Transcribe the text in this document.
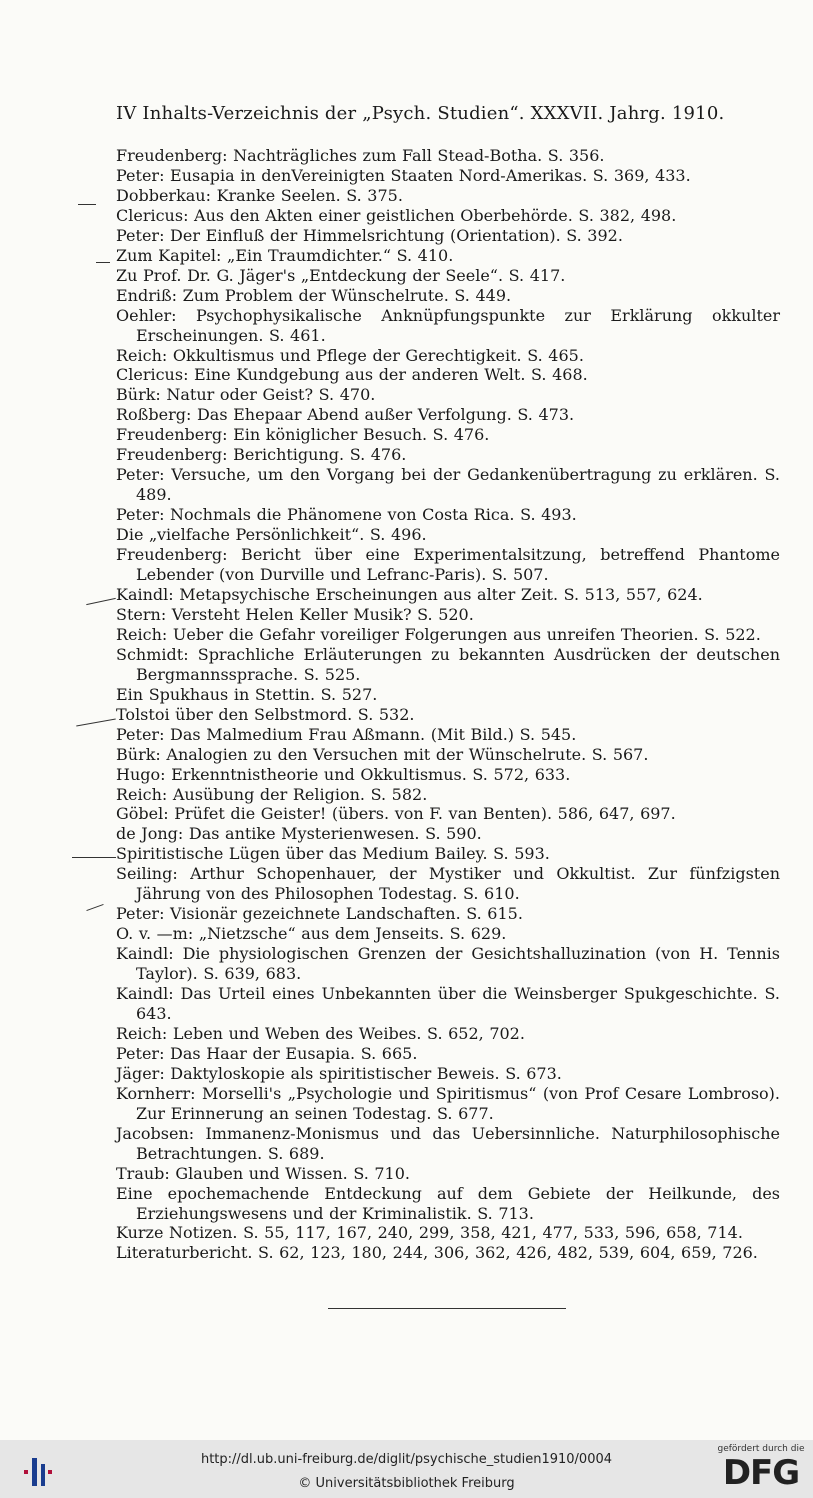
IV Inhalts-Verzeichnis der „Psych. Studien“. XXXVII. Jahrg. 1910.
Freudenberg: Nachträgliches zum Fall Stead-Botha. S. 356.
Peter: Eusapia in denVereinigten Staaten Nord-Amerikas. S. 369, 433.
Dobberkau: Kranke Seelen. S. 375.
Clericus: Aus den Akten einer geistlichen Oberbehörde. S. 382, 498.
Peter: Der Einfluß der Himmelsrichtung (Orientation). S. 392.
Zum Kapitel: „Ein Traumdichter.“ S. 410.
Zu Prof. Dr. G. Jäger's „Entdeckung der Seele“. S. 417.
Endriß: Zum Problem der Wünschelrute. S. 449.
Oehler: Psychophysikalische Anknüpfungspunkte zur Erklärung okkulter Erscheinungen. S. 461.
Reich: Okkultismus und Pflege der Gerechtigkeit. S. 465.
Clericus: Eine Kundgebung aus der anderen Welt. S. 468.
Bürk: Natur oder Geist? S. 470.
Roßberg: Das Ehepaar Abend außer Verfolgung. S. 473.
Freudenberg: Ein königlicher Besuch. S. 476.
Freudenberg: Berichtigung. S. 476.
Peter: Versuche, um den Vorgang bei der Gedankenübertragung zu erklären. S. 489.
Peter: Nochmals die Phänomene von Costa Rica. S. 493.
Die „vielfache Persönlichkeit“. S. 496.
Freudenberg: Bericht über eine Experimentalsitzung, betreffend Phantome Lebender (von Durville und Lefranc-Paris). S. 507.
Kaindl: Metapsychische Erscheinungen aus alter Zeit. S. 513, 557, 624.
Stern: Versteht Helen Keller Musik? S. 520.
Reich: Ueber die Gefahr voreiliger Folgerungen aus unreifen Theorien. S. 522.
Schmidt: Sprachliche Erläuterungen zu bekannten Ausdrücken der deutschen Bergmannssprache. S. 525.
Ein Spukhaus in Stettin. S. 527.
Tolstoi über den Selbstmord. S. 532.
Peter: Das Malmedium Frau Aßmann. (Mit Bild.) S. 545.
Bürk: Analogien zu den Versuchen mit der Wünschelrute. S. 567.
Hugo: Erkenntnistheorie und Okkultismus. S. 572, 633.
Reich: Ausübung der Religion. S. 582.
Göbel: Prüfet die Geister! (übers. von F. van Benten). 586, 647, 697.
de Jong: Das antike Mysterienwesen. S. 590.
Spiritistische Lügen über das Medium Bailey. S. 593.
Seiling: Arthur Schopenhauer, der Mystiker und Okkultist. Zur fünfzigsten Jährung von des Philosophen Todestag. S. 610.
Peter: Visionär gezeichnete Landschaften. S. 615.
O. v. —m: „Nietzsche“ aus dem Jenseits. S. 629.
Kaindl: Die physiologischen Grenzen der Gesichtshalluzination (von H. Tennis Taylor). S. 639, 683.
Kaindl: Das Urteil eines Unbekannten über die Weinsberger Spukgeschichte. S. 643.
Reich: Leben und Weben des Weibes. S. 652, 702.
Peter: Das Haar der Eusapia. S. 665.
Jäger: Daktyloskopie als spiritistischer Beweis. S. 673.
Kornherr: Morselli's „Psychologie und Spiritismus“ (von Prof Cesare Lombroso). Zur Erinnerung an seinen Todestag. S. 677.
Jacobsen: Immanenz-Monismus und das Uebersinnliche. Naturphilosophische Betrachtungen. S. 689.
Traub: Glauben und Wissen. S. 710.
Eine epochemachende Entdeckung auf dem Gebiete der Heilkunde, des Erziehungswesens und der Kriminalistik. S. 713.
Kurze Notizen. S. 55, 117, 167, 240, 299, 358, 421, 477, 533, 596, 658, 714.
Literaturbericht. S. 62, 123, 180, 244, 306, 362, 426, 482, 539, 604, 659, 726.
http://dl.ub.uni-freiburg.de/diglit/psychische_studien1910/0004
© Universitätsbibliothek Freiburg
gefördert durch die
DFG
